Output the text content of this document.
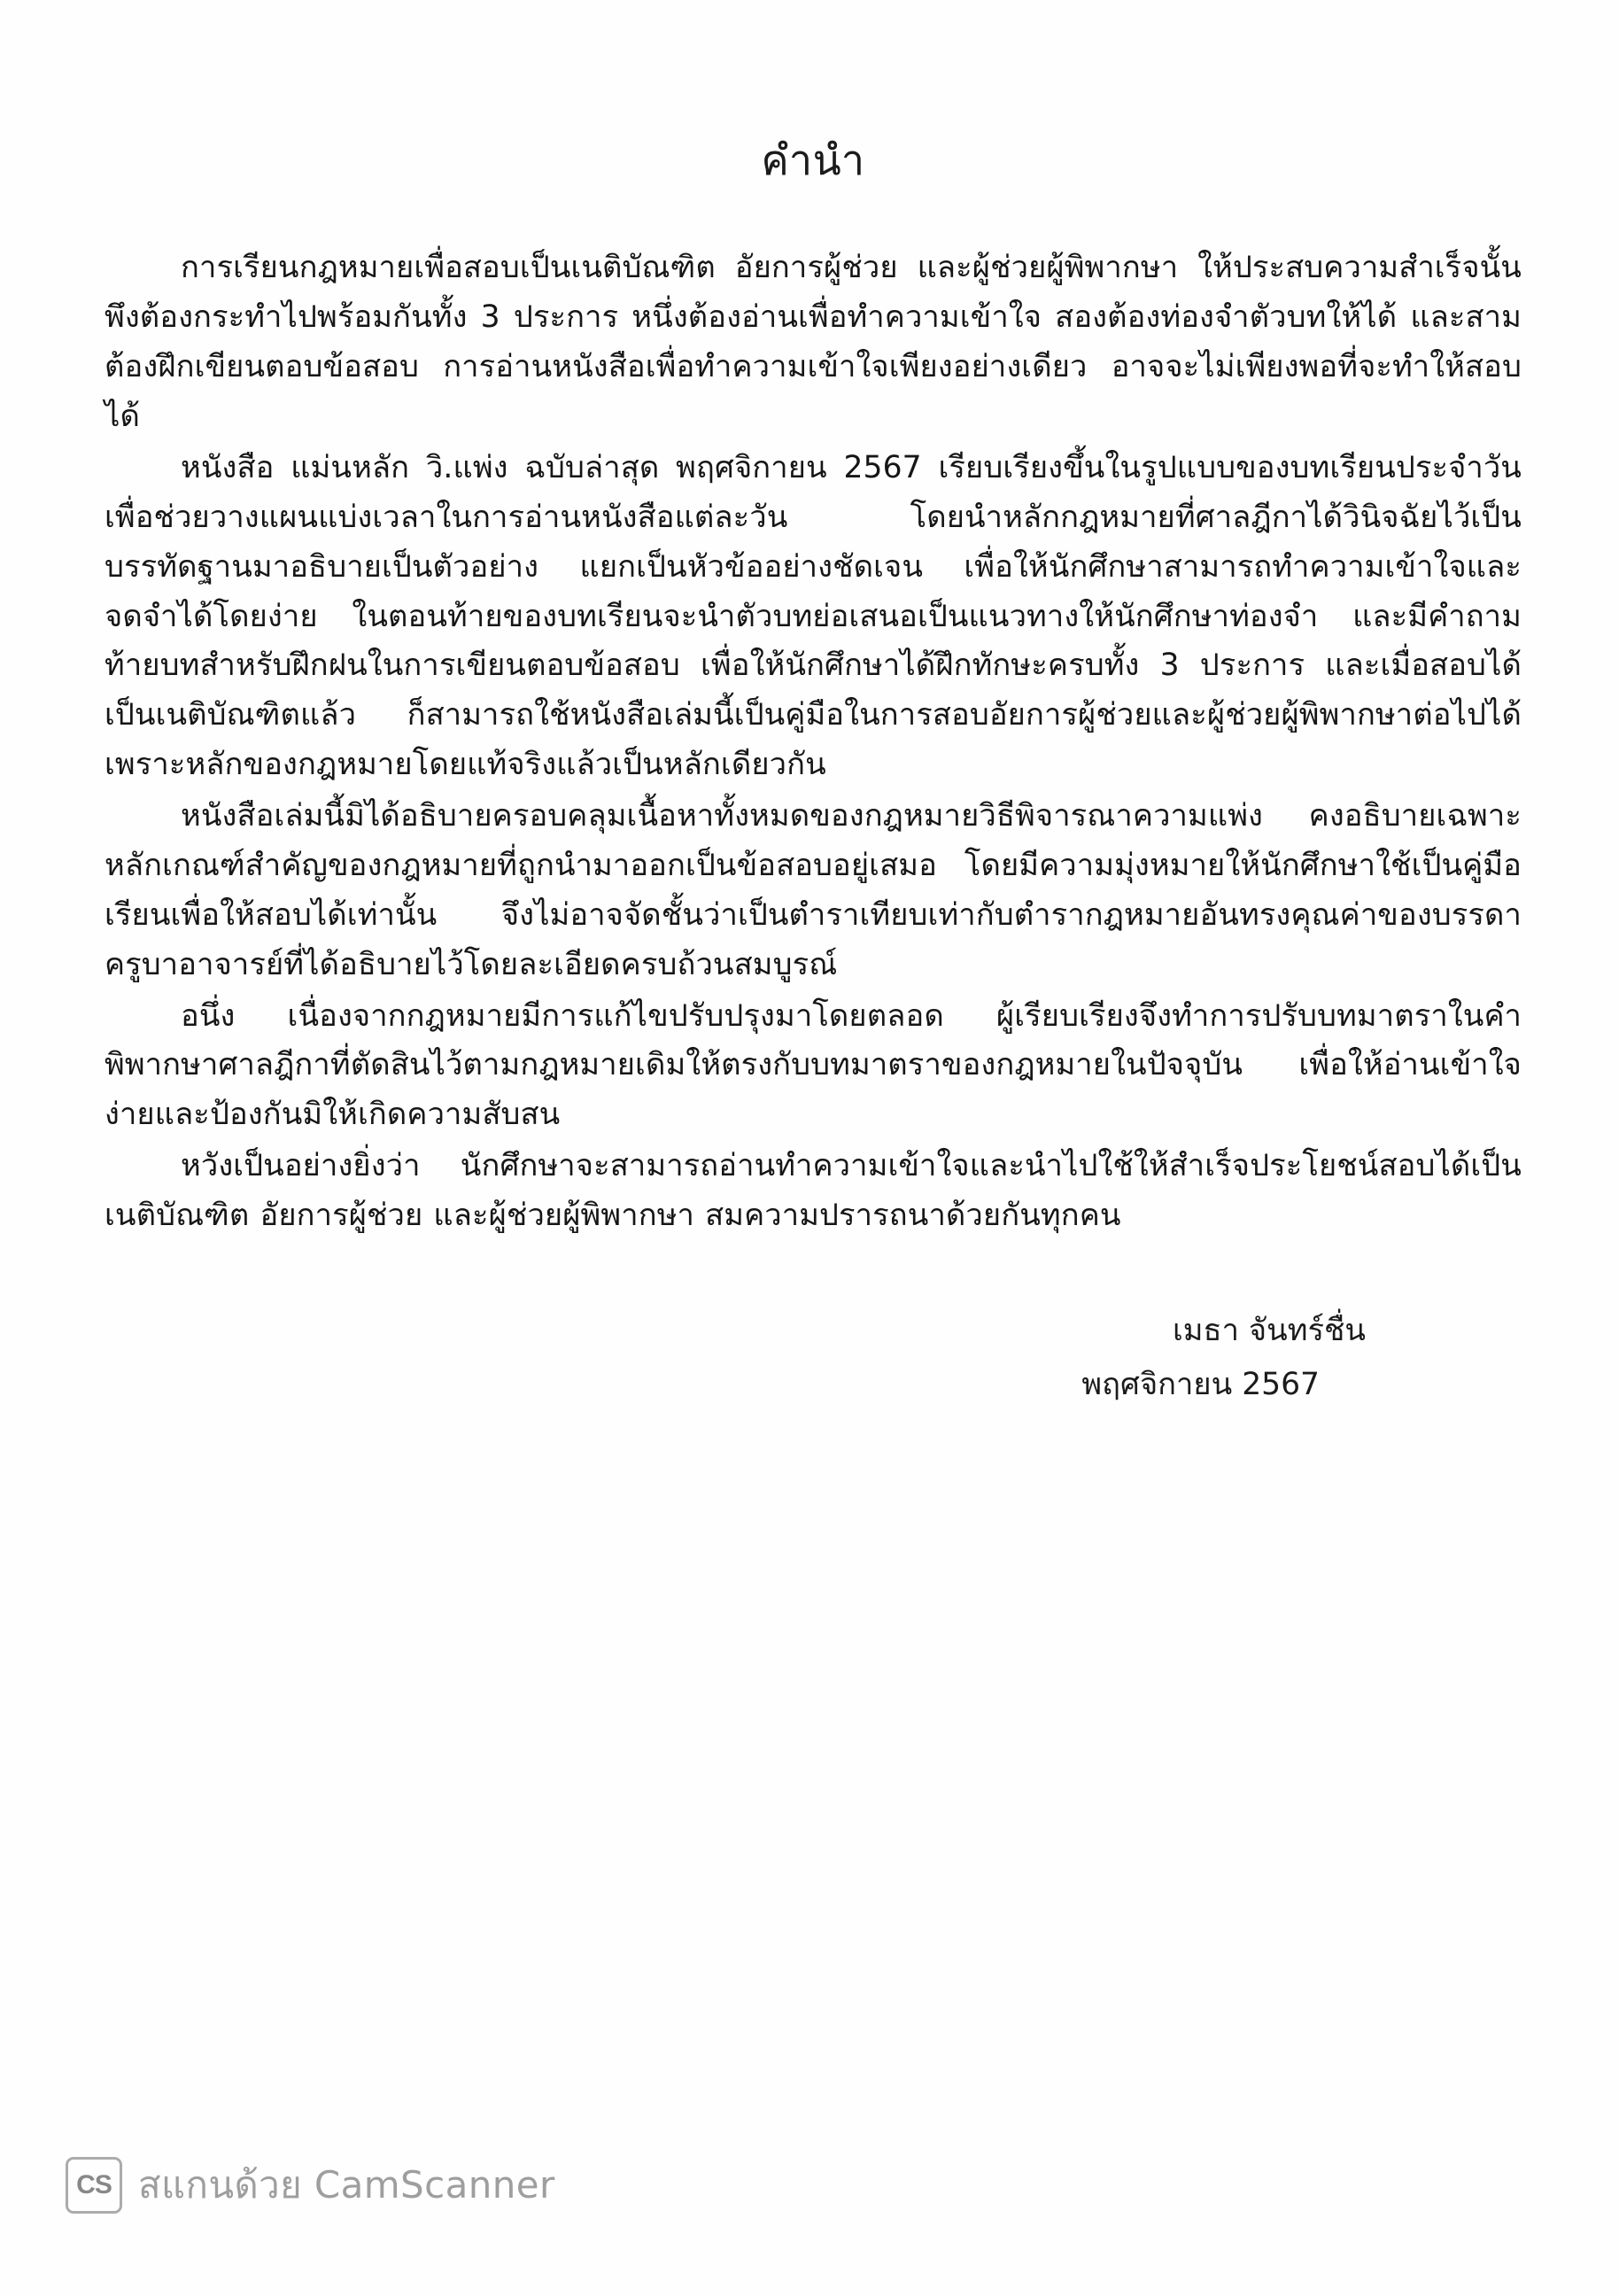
คำนำ

การเรียนกฎหมายเพื่อสอบเป็นเนติบัณฑิต อัยการผู้ช่วย และผู้ช่วยผู้พิพากษา ให้ประสบความสำเร็จนั้นพึงต้องกระทำไปพร้อมกันทั้ง 3 ประการ หนึ่งต้องอ่านเพื่อทำความเข้าใจ สองต้องท่องจำตัวบทให้ได้ และสามต้องฝึกเขียนตอบข้อสอบ การอ่านหนังสือเพื่อทำความเข้าใจเพียงอย่างเดียว อาจจะไม่เพียงพอที่จะทำให้สอบได้

หนังสือ แม่นหลัก วิ.แพ่ง ฉบับล่าสุด พฤศจิกายน 2567 เรียบเรียงขึ้นในรูปแบบของบทเรียนประจำวัน เพื่อช่วยวางแผนแบ่งเวลาในการอ่านหนังสือแต่ละวัน โดยนำหลักกฎหมายที่ศาลฎีกาได้วินิจฉัยไว้เป็นบรรทัดฐานมาอธิบายเป็นตัวอย่าง แยกเป็นหัวข้ออย่างชัดเจน เพื่อให้นักศึกษาสามารถทำความเข้าใจและจดจำได้โดยง่าย ในตอนท้ายของบทเรียนจะนำตัวบทย่อเสนอเป็นแนวทางให้นักศึกษาท่องจำ และมีคำถามท้ายบทสำหรับฝึกฝนในการเขียนตอบข้อสอบ เพื่อให้นักศึกษาได้ฝึกทักษะครบทั้ง 3 ประการ และเมื่อสอบได้เป็นเนติบัณฑิตแล้ว ก็สามารถใช้หนังสือเล่มนี้เป็นคู่มือในการสอบอัยการผู้ช่วยและผู้ช่วยผู้พิพากษาต่อไปได้ เพราะหลักของกฎหมายโดยแท้จริงแล้วเป็นหลักเดียวกัน

หนังสือเล่มนี้มิได้อธิบายครอบคลุมเนื้อหาทั้งหมดของกฎหมายวิธีพิจารณาความแพ่ง คงอธิบายเฉพาะหลักเกณฑ์สำคัญของกฎหมายที่ถูกนำมาออกเป็นข้อสอบอยู่เสมอ โดยมีความมุ่งหมายให้นักศึกษาใช้เป็นคู่มือเรียนเพื่อให้สอบได้เท่านั้น จึงไม่อาจจัดชั้นว่าเป็นตำราเทียบเท่ากับตำรากฎหมายอันทรงคุณค่าของบรรดาครูบาอาจารย์ที่ได้อธิบายไว้โดยละเอียดครบถ้วนสมบูรณ์

อนึ่ง เนื่องจากกฎหมายมีการแก้ไขปรับปรุงมาโดยตลอด ผู้เรียบเรียงจึงทำการปรับบทมาตราในคำพิพากษาศาลฎีกาที่ตัดสินไว้ตามกฎหมายเดิมให้ตรงกับบทมาตราของกฎหมายในปัจจุบัน เพื่อให้อ่านเข้าใจง่ายและป้องกันมิให้เกิดความสับสน

หวังเป็นอย่างยิ่งว่า นักศึกษาจะสามารถอ่านทำความเข้าใจและนำไปใช้ให้สำเร็จประโยชน์สอบได้เป็นเนติบัณฑิต อัยการผู้ช่วย และผู้ช่วยผู้พิพากษา สมความปรารถนาด้วยกันทุกคน

เมธา จันทร์ชื่น

พฤศจิกายน 2567

CS สแกนด้วย CamScanner
